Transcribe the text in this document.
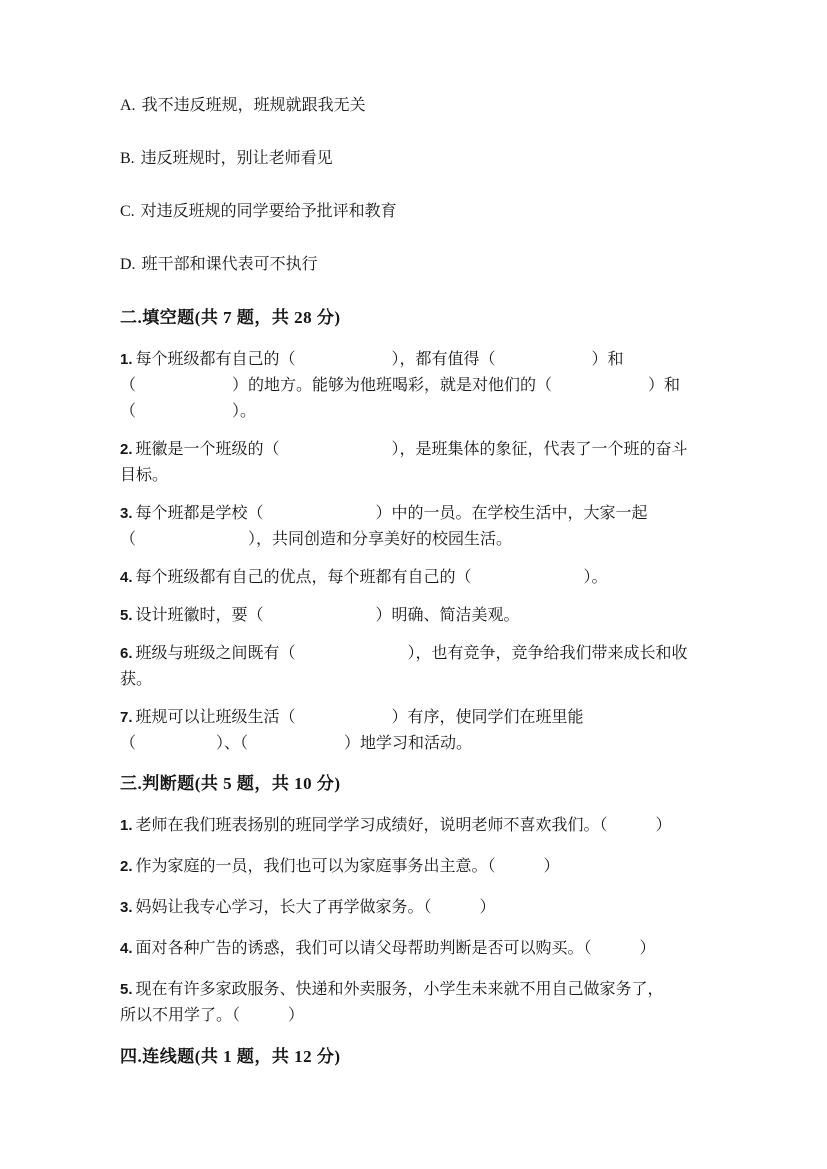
A. 我不违反班规，班规就跟我无关

B. 违反班规时，别让老师看见

C. 对违反班规的同学要给予批评和教育

D. 班干部和课代表可不执行

二.填空题(共 7 题，共 28 分)

1. 每个班级都有自己的（　　　　　　），都有值得（　　　　　　）和
（　　　　　　）的地方。能够为他班喝彩，就是对他们的（　　　　　　）和
（　　　　　　）。

2. 班徽是一个班级的（　　　　　　　），是班集体的象征，代表了一个班的奋斗
目标。

3. 每个班都是学校（　　　　　　　）中的一员。在学校生活中，大家一起
（　　　　　　　），共同创造和分享美好的校园生活。

4. 每个班级都有自己的优点，每个班都有自己的（　　　　　　　）。

5. 设计班徽时，要（　　　　　　　）明确、简洁美观。

6. 班级与班级之间既有（　　　　　　　），也有竞争，竞争给我们带来成长和收
获。

7. 班规可以让班级生活（　　　　　　）有序，使同学们在班里能
（　　　　　）、（　　　　　　）地学习和活动。

三.判断题(共 5 题，共 10 分)

1. 老师在我们班表扬别的班同学学习成绩好，说明老师不喜欢我们。（　　　）

2. 作为家庭的一员，我们也可以为家庭事务出主意。（　　　）

3. 妈妈让我专心学习，长大了再学做家务。（　　　）

4. 面对各种广告的诱惑，我们可以请父母帮助判断是否可以购买。（　　　）

5. 现在有许多家政服务、快递和外卖服务，小学生未来就不用自己做家务了，
所以不用学了。（　　　）

四.连线题(共 1 题，共 12 分)
